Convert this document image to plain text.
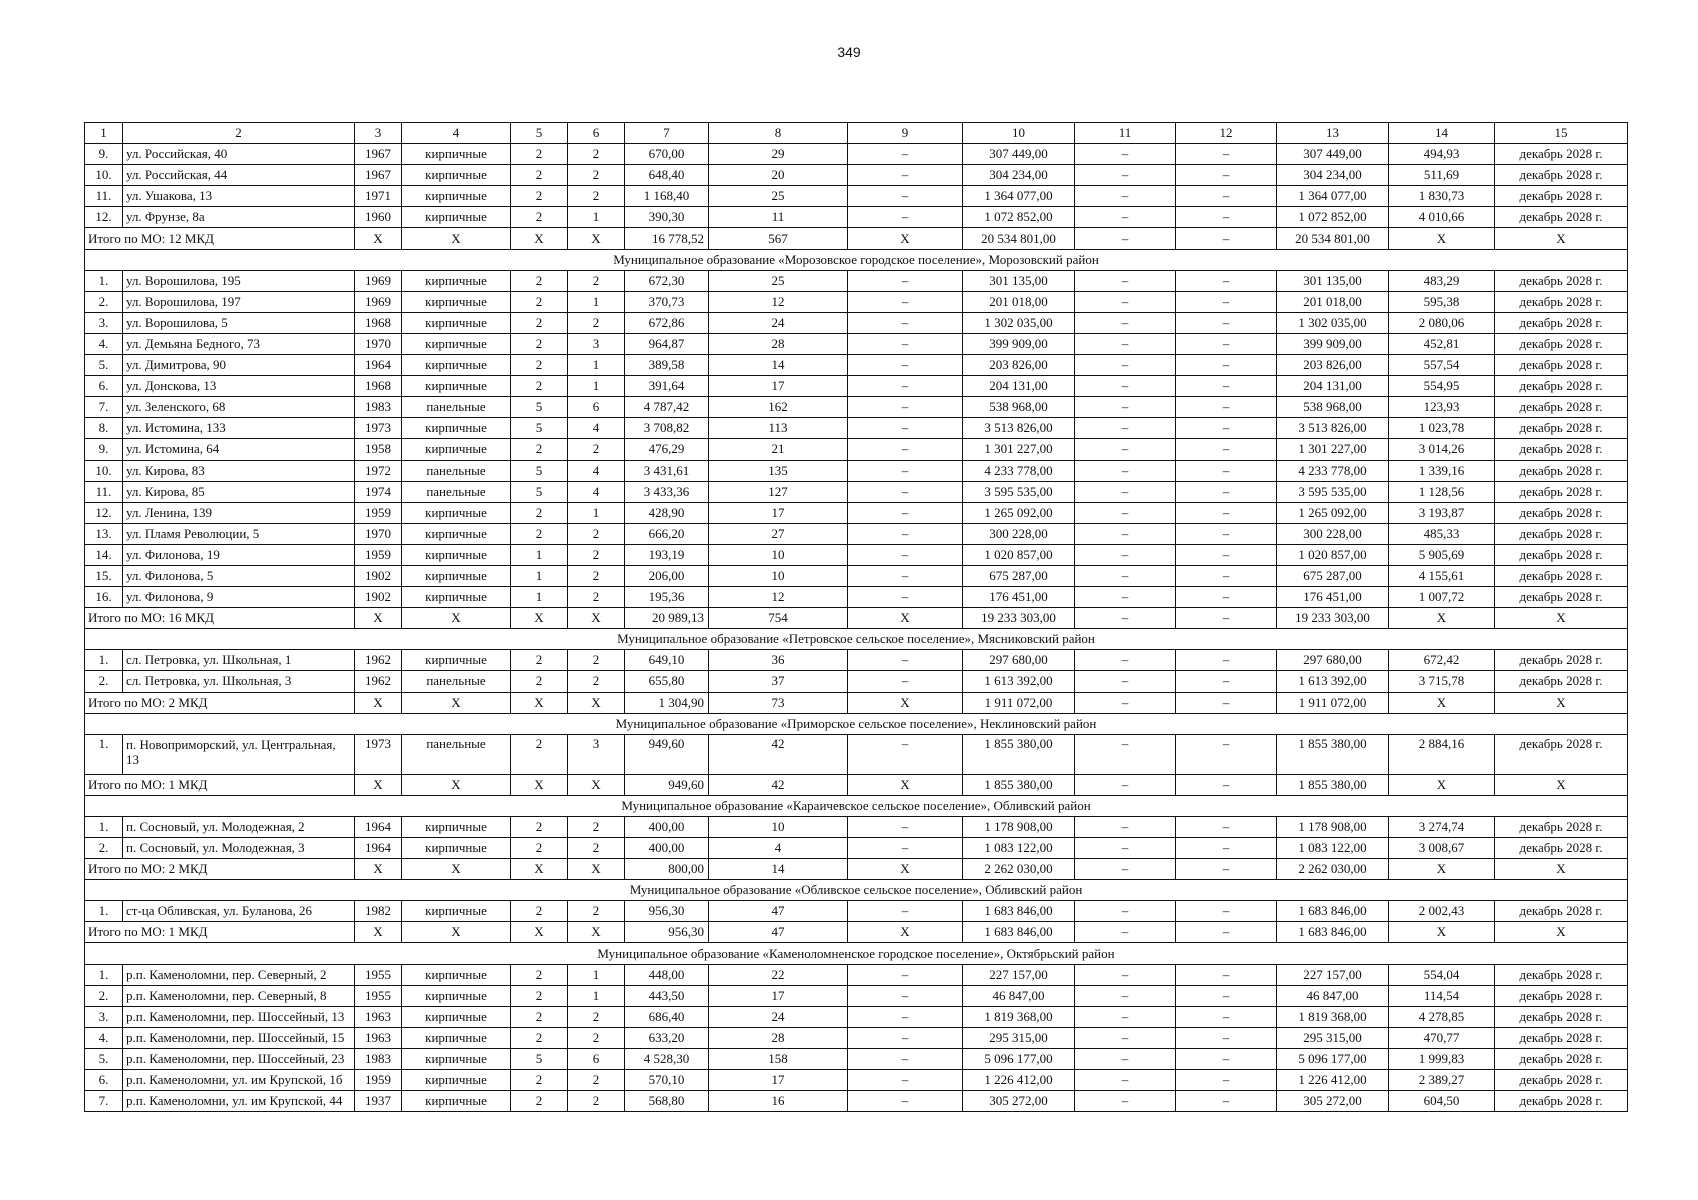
349
1	2	3	4	5	6	7	8	9	10	11	12	13	14	15
9.	ул. Российская, 40	1967	кирпичные	2	2	670,00	29	–	307 449,00	–	–	307 449,00	494,93	декабрь 2028 г.
10.	ул. Российская, 44	1967	кирпичные	2	2	648,40	20	–	304 234,00	–	–	304 234,00	511,69	декабрь 2028 г.
11.	ул. Ушакова, 13	1971	кирпичные	2	2	1 168,40	25	–	1 364 077,00	–	–	1 364 077,00	1 830,73	декабрь 2028 г.
12.	ул. Фрунзе, 8а	1960	кирпичные	2	1	390,30	11	–	1 072 852,00	–	–	1 072 852,00	4 010,66	декабрь 2028 г.
Итого по МО: 12 МКД		X	X	X	X	16 778,52	567	X	20 534 801,00	–	–	20 534 801,00	X	X
Муниципальное образование «Морозовское городское поселение», Морозовский район														
1.	ул. Ворошилова, 195	1969	кирпичные	2	2	672,30	25	–	301 135,00	–	–	301 135,00	483,29	декабрь 2028 г.
2.	ул. Ворошилова, 197	1969	кирпичные	2	1	370,73	12	–	201 018,00	–	–	201 018,00	595,38	декабрь 2028 г.
3.	ул. Ворошилова, 5	1968	кирпичные	2	2	672,86	24	–	1 302 035,00	–	–	1 302 035,00	2 080,06	декабрь 2028 г.
4.	ул. Демьяна Бедного, 73	1970	кирпичные	2	3	964,87	28	–	399 909,00	–	–	399 909,00	452,81	декабрь 2028 г.
5.	ул. Димитрова, 90	1964	кирпичные	2	1	389,58	14	–	203 826,00	–	–	203 826,00	557,54	декабрь 2028 г.
6.	ул. Донскова, 13	1968	кирпичные	2	1	391,64	17	–	204 131,00	–	–	204 131,00	554,95	декабрь 2028 г.
7.	ул. Зеленского, 68	1983	панельные	5	6	4 787,42	162	–	538 968,00	–	–	538 968,00	123,93	декабрь 2028 г.
8.	ул. Истомина, 133	1973	кирпичные	5	4	3 708,82	113	–	3 513 826,00	–	–	3 513 826,00	1 023,78	декабрь 2028 г.
9.	ул. Истомина, 64	1958	кирпичные	2	2	476,29	21	–	1 301 227,00	–	–	1 301 227,00	3 014,26	декабрь 2028 г.
10.	ул. Кирова, 83	1972	панельные	5	4	3 431,61	135	–	4 233 778,00	–	–	4 233 778,00	1 339,16	декабрь 2028 г.
11.	ул. Кирова, 85	1974	панельные	5	4	3 433,36	127	–	3 595 535,00	–	–	3 595 535,00	1 128,56	декабрь 2028 г.
12.	ул. Ленина, 139	1959	кирпичные	2	1	428,90	17	–	1 265 092,00	–	–	1 265 092,00	3 193,87	декабрь 2028 г.
13.	ул. Пламя Революции, 5	1970	кирпичные	2	2	666,20	27	–	300 228,00	–	–	300 228,00	485,33	декабрь 2028 г.
14.	ул. Филонова, 19	1959	кирпичные	1	2	193,19	10	–	1 020 857,00	–	–	1 020 857,00	5 905,69	декабрь 2028 г.
15.	ул. Филонова, 5	1902	кирпичные	1	2	206,00	10	–	675 287,00	–	–	675 287,00	4 155,61	декабрь 2028 г.
16.	ул. Филонова, 9	1902	кирпичные	1	2	195,36	12	–	176 451,00	–	–	176 451,00	1 007,72	декабрь 2028 г.
Итого по МО: 16 МКД		X	X	X	X	20 989,13	754	X	19 233 303,00	–	–	19 233 303,00	X	X
Муниципальное образование «Петровское сельское поселение», Мясниковский район														
1.	сл. Петровка, ул. Школьная, 1	1962	кирпичные	2	2	649,10	36	–	297 680,00	–	–	297 680,00	672,42	декабрь 2028 г.
2.	сл. Петровка, ул. Школьная, 3	1962	панельные	2	2	655,80	37	–	1 613 392,00	–	–	1 613 392,00	3 715,78	декабрь 2028 г.
Итого по МО: 2 МКД		X	X	X	X	1 304,90	73	X	1 911 072,00	–	–	1 911 072,00	X	X
Муниципальное образование «Приморское сельское поселение», Неклиновский район														
1.	п. Новоприморский, ул. Центральная, 13	1973	панельные	2	3	949,60	42	–	1 855 380,00	–	–	1 855 380,00	2 884,16	декабрь 2028 г.
Итого по МО: 1 МКД		X	X	X	X	949,60	42	X	1 855 380,00	–	–	1 855 380,00	X	X
Муниципальное образование «Караичевское сельское поселение», Обливский район														
1.	п. Сосновый, ул. Молодежная, 2	1964	кирпичные	2	2	400,00	10	–	1 178 908,00	–	–	1 178 908,00	3 274,74	декабрь 2028 г.
2.	п. Сосновый, ул. Молодежная, 3	1964	кирпичные	2	2	400,00	4	–	1 083 122,00	–	–	1 083 122,00	3 008,67	декабрь 2028 г.
Итого по МО: 2 МКД		X	X	X	X	800,00	14	X	2 262 030,00	–	–	2 262 030,00	X	X
Муниципальное образование «Обливское сельское поселение», Обливский район														
1.	ст-ца Обливская, ул. Буланова, 26	1982	кирпичные	2	2	956,30	47	–	1 683 846,00	–	–	1 683 846,00	2 002,43	декабрь 2028 г.
Итого по МО: 1 МКД		X	X	X	X	956,30	47	X	1 683 846,00	–	–	1 683 846,00	X	X
Муниципальное образование «Каменоломненское городское поселение», Октябрьский район														
1.	р.п. Каменоломни, пер. Северный, 2	1955	кирпичные	2	1	448,00	22	–	227 157,00	–	–	227 157,00	554,04	декабрь 2028 г.
2.	р.п. Каменоломни, пер. Северный, 8	1955	кирпичные	2	1	443,50	17	–	46 847,00	–	–	46 847,00	114,54	декабрь 2028 г.
3.	р.п. Каменоломни, пер. Шоссейный, 13	1963	кирпичные	2	2	686,40	24	–	1 819 368,00	–	–	1 819 368,00	4 278,85	декабрь 2028 г.
4.	р.п. Каменоломни, пер. Шоссейный, 15	1963	кирпичные	2	2	633,20	28	–	295 315,00	–	–	295 315,00	470,77	декабрь 2028 г.
5.	р.п. Каменоломни, пер. Шоссейный, 23	1983	кирпичные	5	6	4 528,30	158	–	5 096 177,00	–	–	5 096 177,00	1 999,83	декабрь 2028 г.
6.	р.п. Каменоломни, ул. им Крупской, 1б	1959	кирпичные	2	2	570,10	17	–	1 226 412,00	–	–	1 226 412,00	2 389,27	декабрь 2028 г.
7.	р.п. Каменоломни, ул. им Крупской, 44	1937	кирпичные	2	2	568,80	16	–	305 272,00	–	–	305 272,00	604,50	декабрь 2028 г.
